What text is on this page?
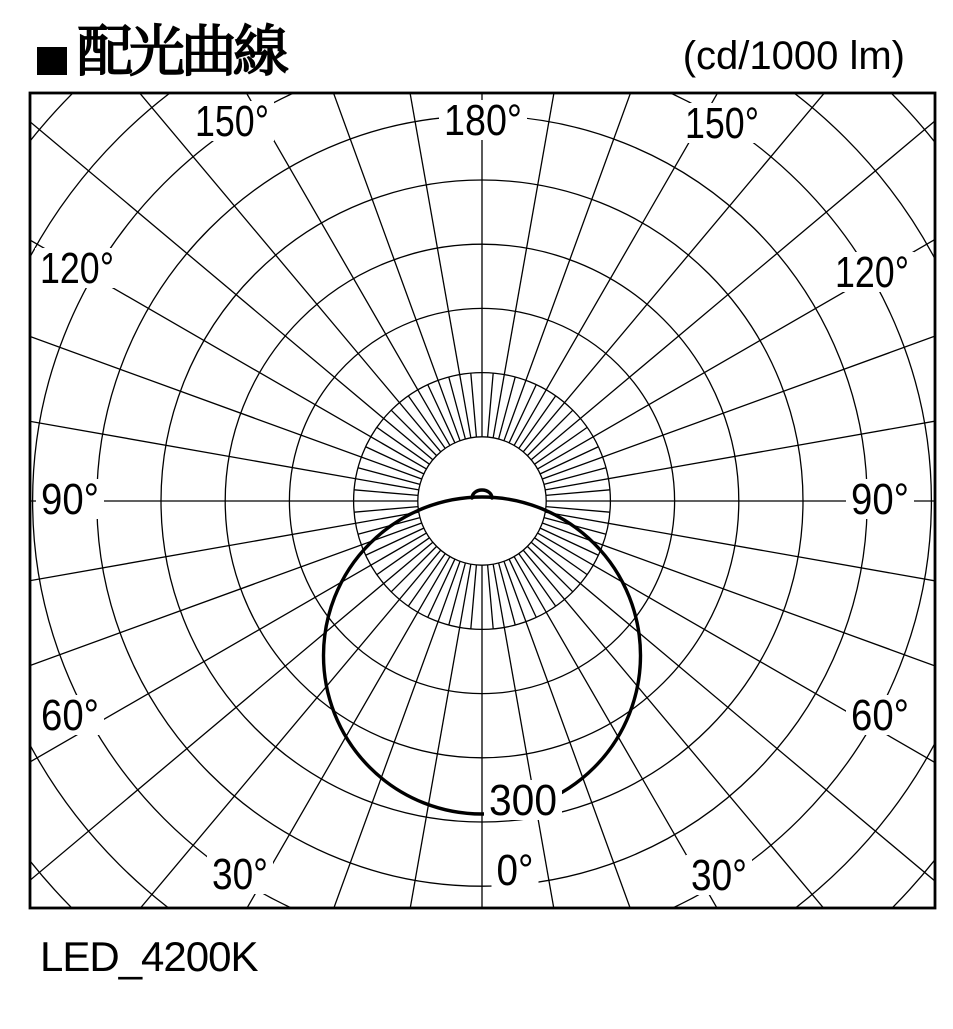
配光曲線	(cd/1000 lm)
180°
150°	150°
120°	120°
90°	90°
60°	60°
30°	30°
0°
300
LED_4200K
